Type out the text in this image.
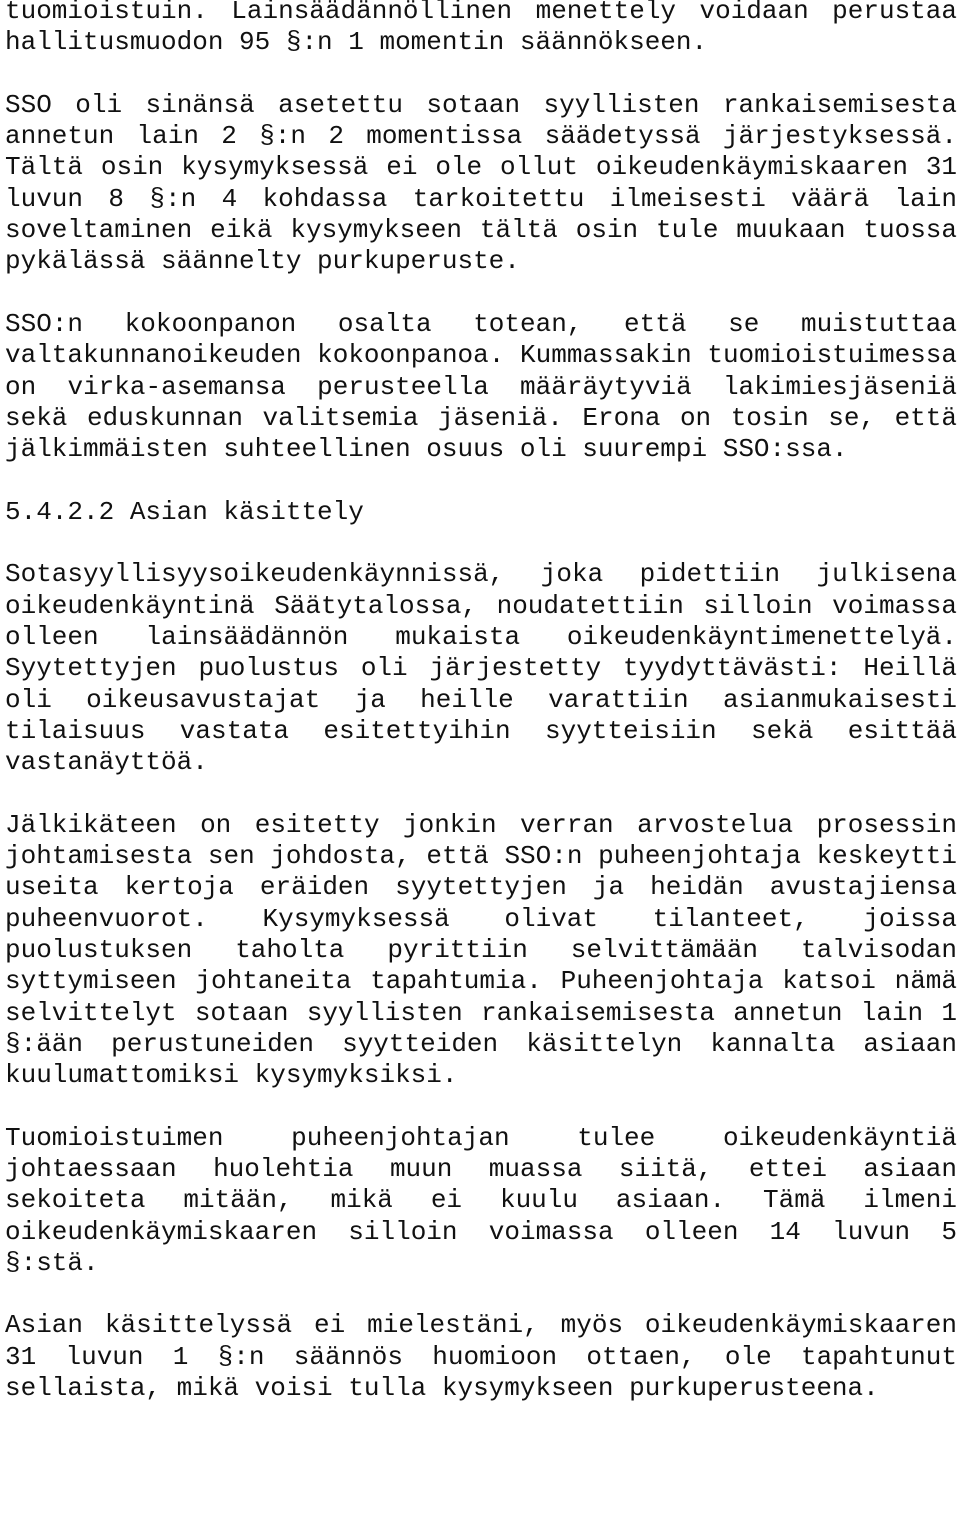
tuomioistuin. Lainsäädännöllinen menettely voidaan perustaa hallitusmuodon 95 §:n 1 momentin säännökseen.

SSO oli sinänsä asetettu sotaan syyllisten rankaisemisesta annetun lain 2 §:n 2 momentissa säädetyssä järjestyksessä. Tältä osin kysymyksessä ei ole ollut oikeudenkäymiskaaren 31 luvun 8 §:n 4 kohdassa tarkoitettu ilmeisesti väärä lain soveltaminen eikä kysymykseen tältä osin tule muukaan tuossa pykälässä säännelty purkuperuste.

SSO:n kokoonpanon osalta totean, että se muistuttaa valtakunnanoikeuden kokoonpanoa. Kummassakin tuomioistuimessa on virka-asemansa perusteella määräytyviä lakimiesjäseniä sekä eduskunnan valitsemia jäseniä. Erona on tosin se, että jälkimmäisten suhteellinen osuus oli suurempi SSO:ssa.

5.4.2.2 Asian käsittely

Sotasyyllisyysoikeudenkäynnissä, joka pidettiin julkisena oikeudenkäyntinä Säätytalossa, noudatettiin silloin voimassa olleen lainsäädännön mukaista oikeudenkäyntimenettelyä. Syytettyjen puolustus oli järjestetty tyydyttävästi: Heillä oli oikeusavustajat ja heille varattiin asianmukaisesti tilaisuus vastata esitettyihin syytteisiin sekä esittää vastanäyttöä.

Jälkikäteen on esitetty jonkin verran arvostelua prosessin johtamisesta sen johdosta, että SSO:n puheenjohtaja keskeytti useita kertoja eräiden syytettyjen ja heidän avustajiensa puheenvuorot. Kysymyksessä olivat tilanteet, joissa puolustuksen taholta pyrittiin selvittämään talvisodan syttymiseen johtaneita tapahtumia. Puheenjohtaja katsoi nämä selvittelyt sotaan syyllisten rankaisemisesta annetun lain 1 §:ään perustuneiden syytteiden käsittelyn kannalta asiaan kuulumattomiksi kysymyksiksi.

Tuomioistuimen puheenjohtajan tulee oikeudenkäyntiä johtaessaan huolehtia muun muassa siitä, ettei asiaan sekoiteta mitään, mikä ei kuulu asiaan. Tämä ilmeni oikeudenkäymiskaaren silloin voimassa olleen 14 luvun 5 §:stä.

Asian käsittelyssä ei mielestäni, myös oikeudenkäymiskaaren 31 luvun 1 §:n säännös huomioon ottaen, ole tapahtunut sellaista, mikä voisi tulla kysymykseen purkuperusteena.
